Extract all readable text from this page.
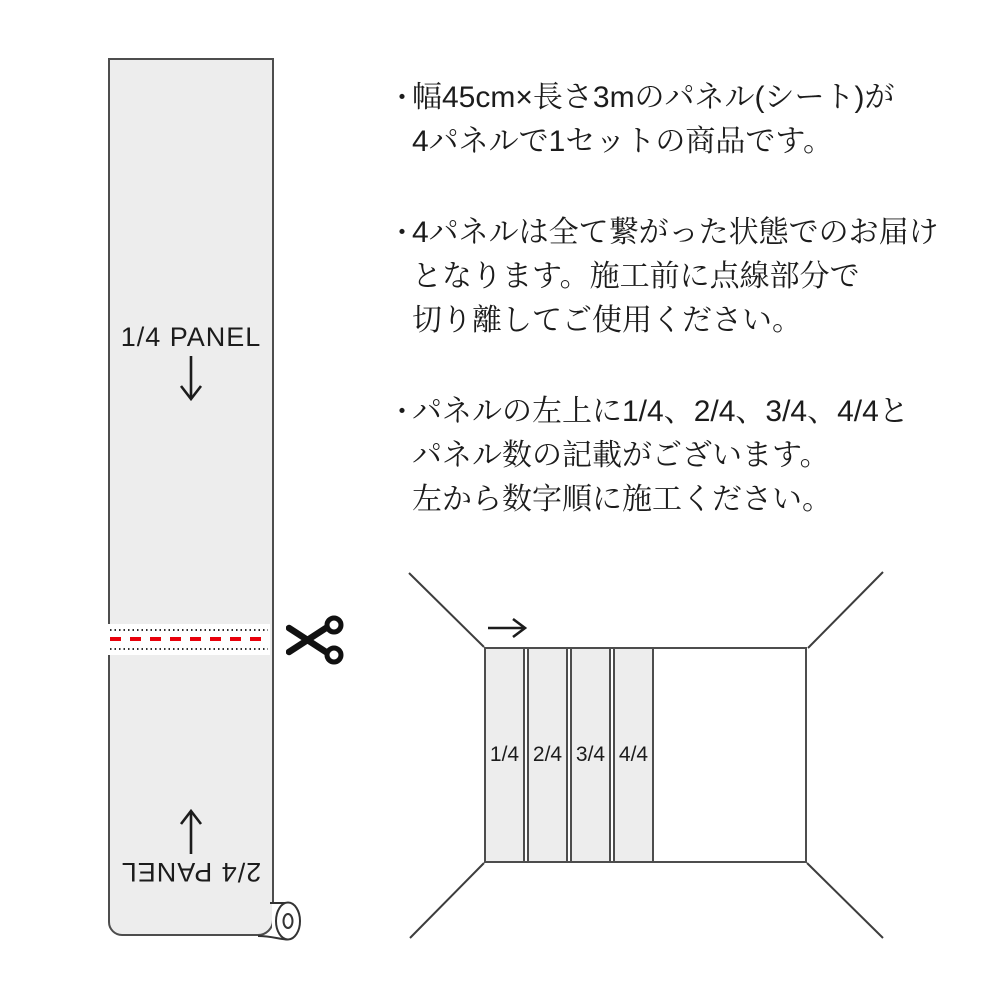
1/4 PANEL
2/4 PANEL
・
幅45cm×長さ3mのパネル(シート)が
4パネルで1セットの商品です。
・
4パネルは全て繋がった状態でのお届け
となります。施工前に点線部分で
切り離してご使用ください。
・
パネルの左上に1/4、2/4、3/4、4/4と
パネル数の記載がございます。
左から数字順に施工ください。
1/4 2/4 3/4 4/4
